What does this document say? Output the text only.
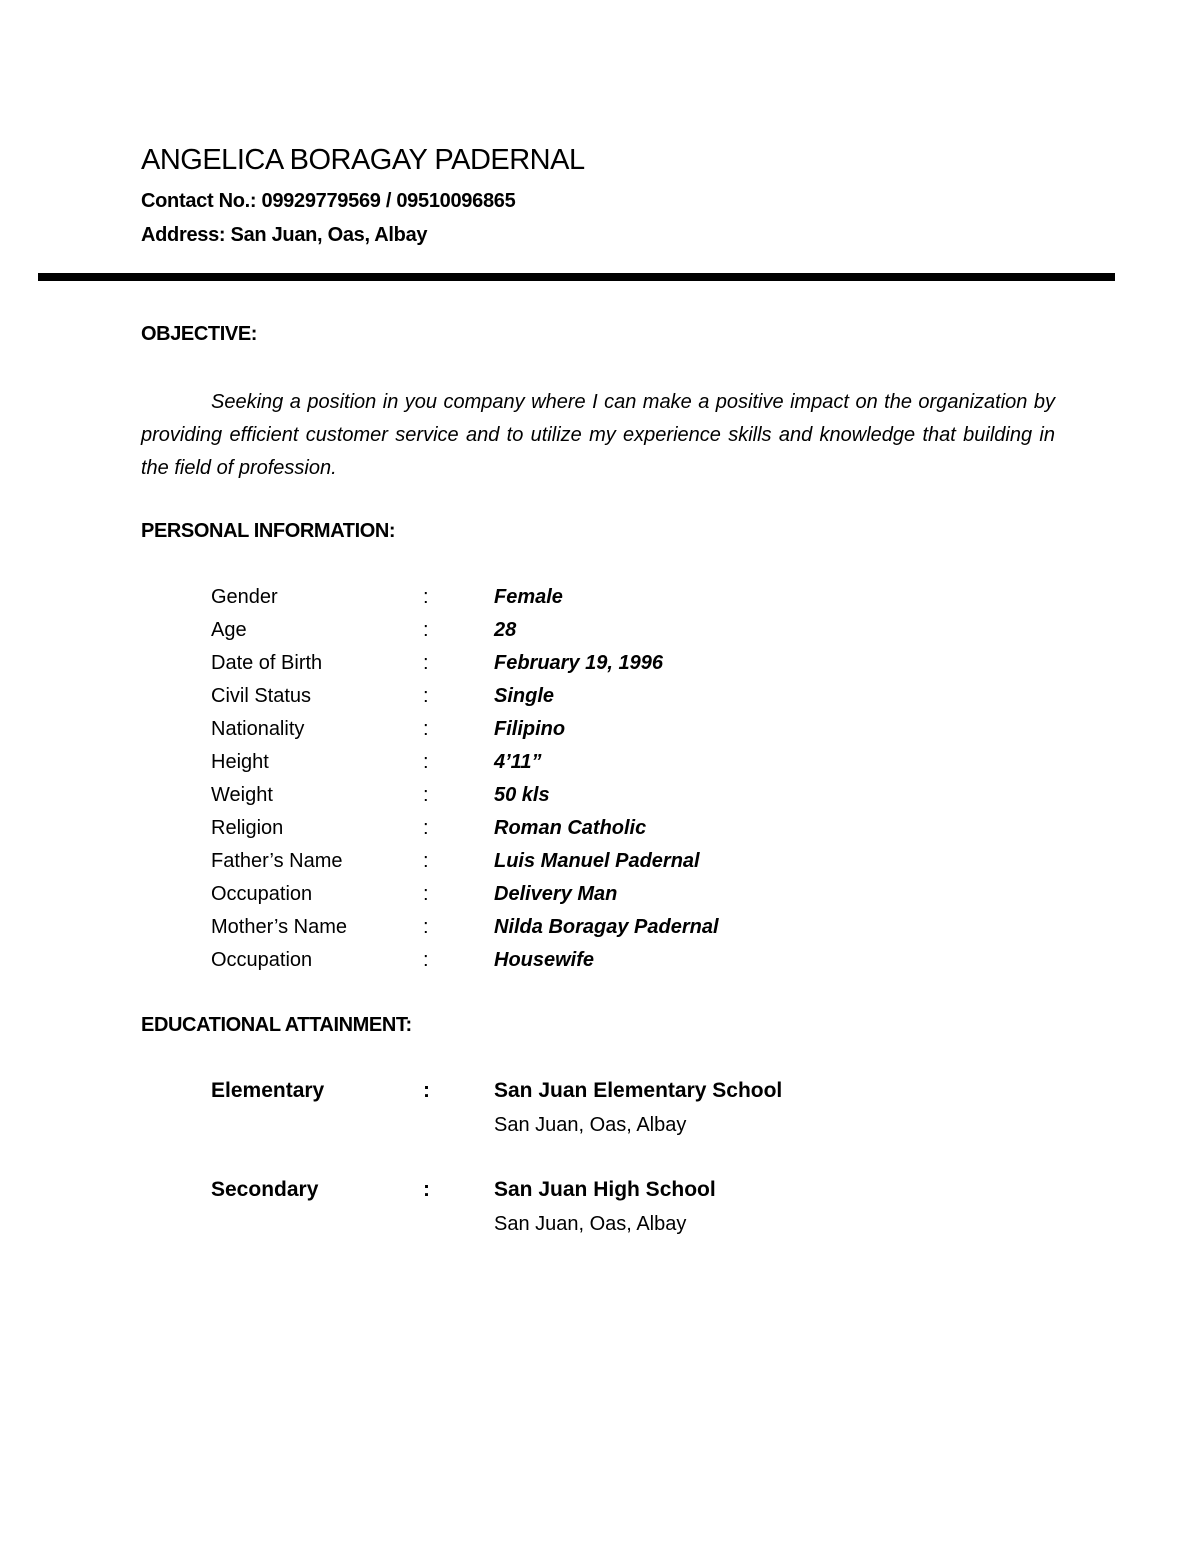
ANGELICA BORAGAY PADERNAL
Contact No.: 09929779569 / 09510096865
Address: San Juan, Oas, Albay
OBJECTIVE:
Seeking a position in you company where I can make a positive impact on the organization by providing efficient customer service and to utilize my experience skills and knowledge that building in the field of profession.
PERSONAL INFORMATION:
Gender	:	Female
Age	:	28
Date of Birth	:	February 19, 1996
Civil Status	:	Single
Nationality	:	Filipino
Height	:	4’11”
Weight	:	50 kls
Religion	:	Roman Catholic
Father’s Name	:	Luis Manuel Padernal
Occupation	:	Delivery Man
Mother’s Name	:	Nilda Boragay Padernal
Occupation	:	Housewife
EDUCATIONAL ATTAINMENT:
Elementary	:	San Juan Elementary School
San Juan, Oas, Albay
Secondary	:	San Juan High School
San Juan, Oas, Albay
